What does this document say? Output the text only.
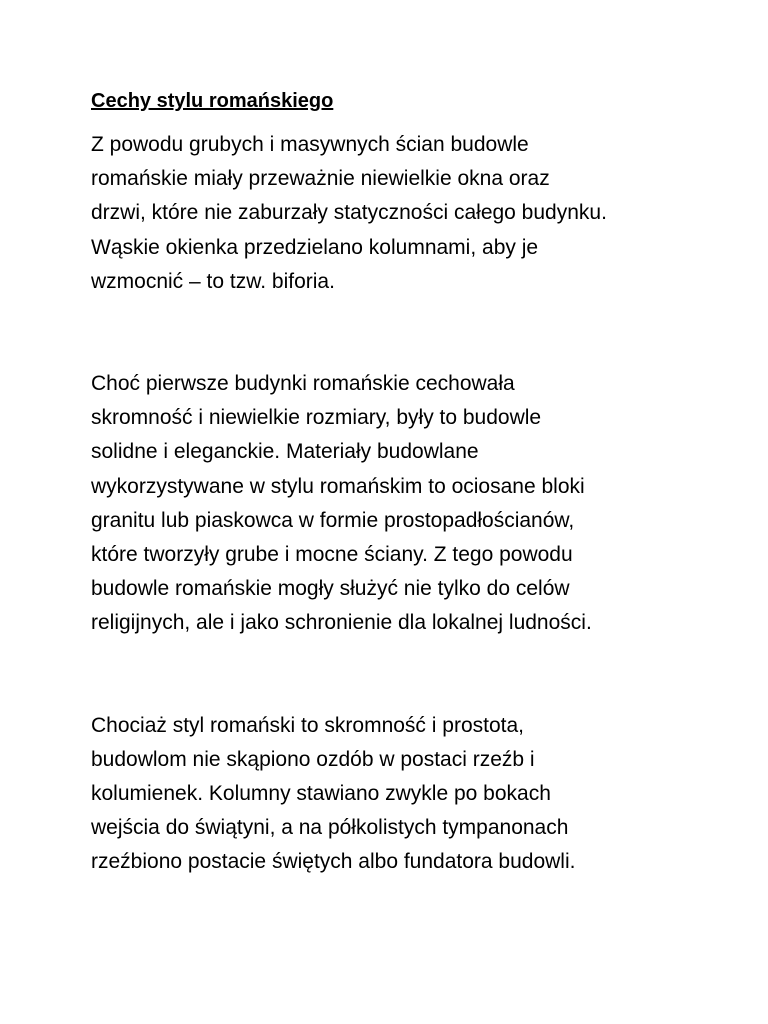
Cechy stylu romańskiego

Z powodu grubych i masywnych ścian budowle
romańskie miały przeważnie niewielkie okna oraz
drzwi, które nie zaburzały statyczności całego budynku.
Wąskie okienka przedzielano kolumnami, aby je
wzmocnić – to tzw. biforia.

Choć pierwsze budynki romańskie cechowała
skromność i niewielkie rozmiary, były to budowle
solidne i eleganckie. Materiały budowlane
wykorzystywane w stylu romańskim to ociosane bloki
granitu lub piaskowca w formie prostopadłościanów,
które tworzyły grube i mocne ściany. Z tego powodu
budowle romańskie mogły służyć nie tylko do celów
religijnych, ale i jako schronienie dla lokalnej ludności.

Chociaż styl romański to skromność i prostota,
budowlom nie skąpiono ozdób w postaci rzeźb i
kolumienek. Kolumny stawiano zwykle po bokach
wejścia do świątyni, a na półkolistych tympanonach
rzeźbiono postacie świętych albo fundatora budowli.
